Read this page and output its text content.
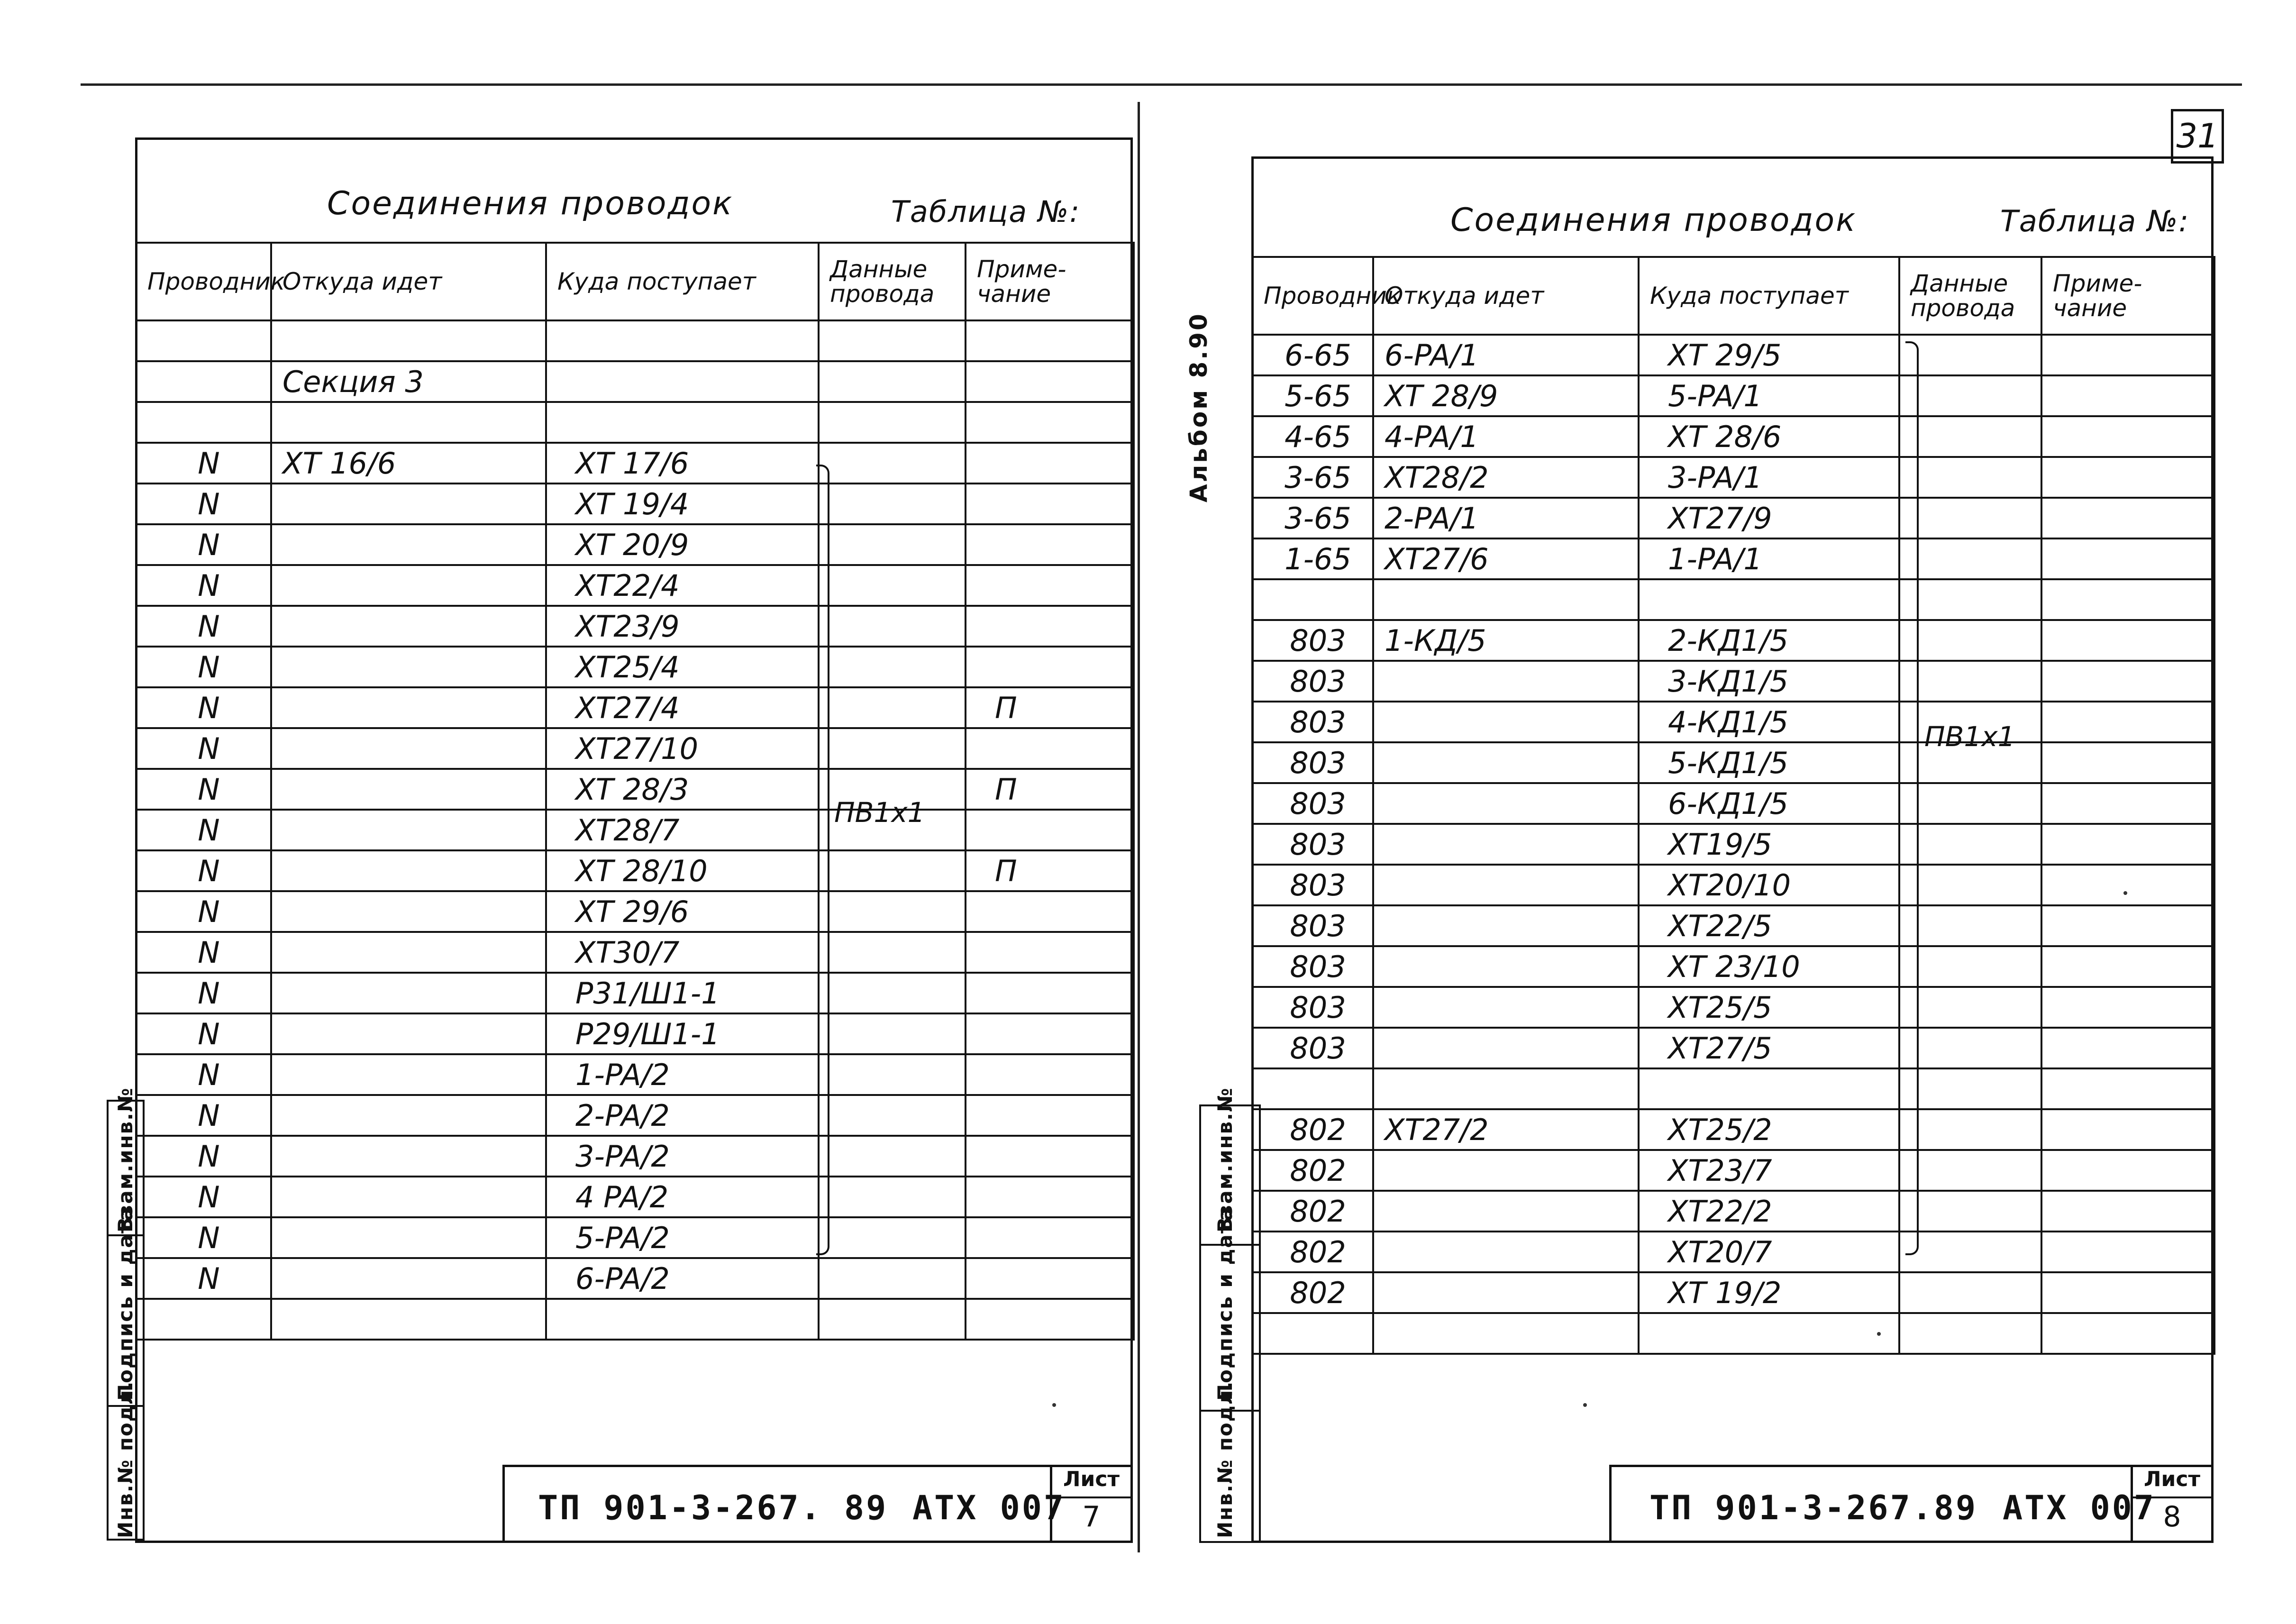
Соединения проводок	Таблица №:
Проводник	Откуда идет	Куда поступает	Данные провода	Приме- чание

	Секция 3			

N	XT 16/6	XT 17/6		
N		XT 19/4		
N		XT 20/9		
N		XT22/4		
N		XT23/9		
N		XT25/4		
N		XT27/4		П
N		XT27/10		
N		XT 28/3		П
N		XT28/7		
N		XT 28/10		П
N		XT 29/6		
N		XT30/7		
N		P31/Ш1-1		
N		P29/Ш1-1		
N		1-PA/2		
N		2-PA/2		
N		3-PA/2		
N		4 PA/2		
N		5-PA/2		
N		6-PA/2		

ПВ1х1
Взам.инв.№
Подпись и дата
Инв.№ подл.	ТП 901-3-267. 89 АТХ 007
Лист
7
31
Соединения проводок	Таблица №:
Проводник	Откуда идет	Куда поступает	Данные провода	Приме- чание
6-65	6-PA/1	XT 29/5		
5-65	XT 28/9	5-PA/1		
4-65	4-PA/1	XT 28/6		
3-65	XT28/2	3-PA/1		
3-65	2-PA/1	XT27/9		
1-65	XT27/6	1-PA/1		

803	1-КД/5	2-КД1/5		
803		3-КД1/5		
803		4-КД1/5		
803		5-КД1/5		
803		6-КД1/5		
803		XT19/5		
803		XT20/10		
803		XT22/5		
803		XT 23/10		
803		XT25/5		
803		XT27/5		

802	XT27/2	XT25/2		
802		XT23/7		
802		XT22/2		
802		XT20/7		
802		XT 19/2		

ПВ1х1
Альбом 8.90
Взам.инв.№
Подпись и дата
Инв.№ подл.	ТП 901-3-267.89 АТХ 007
Лист
8
